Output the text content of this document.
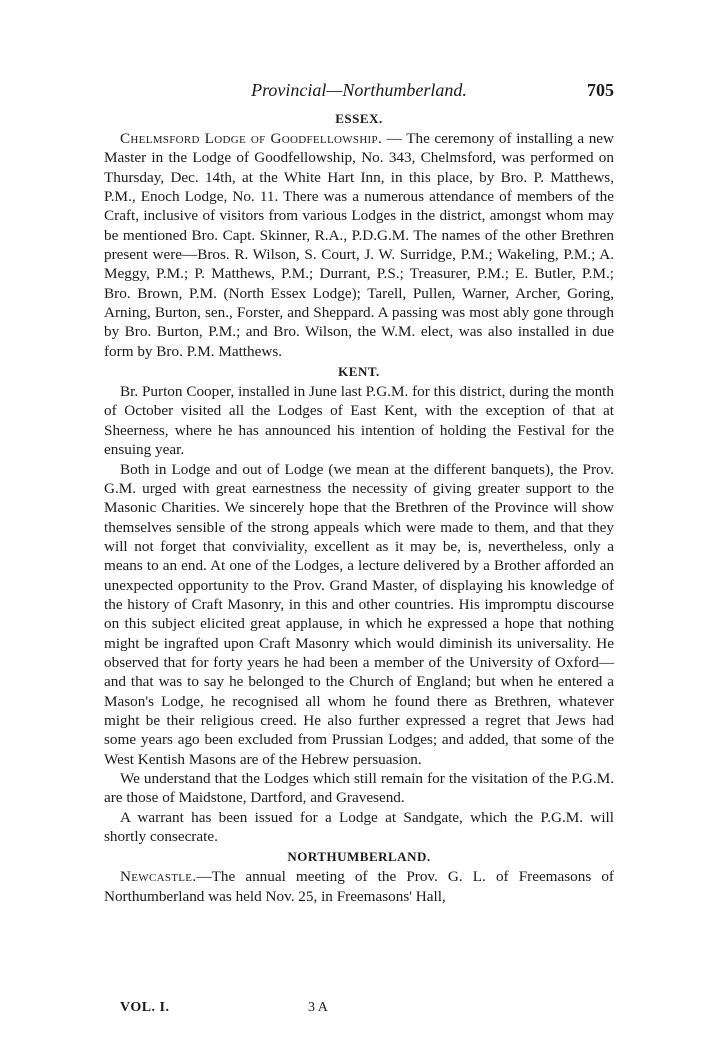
Provincial—Northumberland.	705
ESSEX.

Chelmsford Lodge of Goodfellowship. — The ceremony of installing a new Master in the Lodge of Goodfellowship, No. 343, Chelmsford, was performed on Thursday, Dec. 14th, at the White Hart Inn, in this place, by Bro. P. Matthews, P.M., Enoch Lodge, No. 11. There was a numerous attendance of members of the Craft, inclusive of visitors from various Lodges in the district, amongst whom may be mentioned Bro. Capt. Skinner, R.A., P.D.G.M. The names of the other Brethren present were—Bros. R. Wilson, S. Court, J. W. Surridge, P.M.; Wakeling, P.M.; A. Meggy, P.M.; P. Matthews, P.M.; Durrant, P.S.; Treasurer, P.M.; E. Butler, P.M.; Bro. Brown, P.M. (North Essex Lodge); Tarell, Pullen, Warner, Archer, Goring, Arning, Burton, sen., Forster, and Sheppard. A passing was most ably gone through by Bro. Burton, P.M.; and Bro. Wilson, the W.M. elect, was also installed in due form by Bro. P.M. Matthews.

KENT.

Br. Purton Cooper, installed in June last P.G.M. for this district, during the month of October visited all the Lodges of East Kent, with the exception of that at Sheerness, where he has announced his intention of holding the Festival for the ensuing year.

Both in Lodge and out of Lodge (we mean at the different banquets), the Prov. G.M. urged with great earnestness the necessity of giving greater support to the Masonic Charities. We sincerely hope that the Brethren of the Province will show themselves sensible of the strong appeals which were made to them, and that they will not forget that conviviality, excellent as it may be, is, nevertheless, only a means to an end. At one of the Lodges, a lecture delivered by a Brother afforded an unexpected opportunity to the Prov. Grand Master, of displaying his knowledge of the history of Craft Masonry, in this and other countries. His impromptu discourse on this subject elicited great applause, in which he expressed a hope that nothing might be ingrafted upon Craft Masonry which would diminish its universality. He observed that for forty years he had been a member of the University of Oxford—and that was to say he belonged to the Church of England; but when he entered a Mason's Lodge, he recognised all whom he found there as Brethren, whatever might be their religious creed. He also further expressed a regret that Jews had some years ago been excluded from Prussian Lodges; and added, that some of the West Kentish Masons are of the Hebrew persuasion.

We understand that the Lodges which still remain for the visitation of the P.G.M. are those of Maidstone, Dartford, and Gravesend.

A warrant has been issued for a Lodge at Sandgate, which the P.G.M. will shortly consecrate.

NORTHUMBERLAND.

Newcastle.—The annual meeting of the Prov. G. L. of Freemasons of Northumberland was held Nov. 25, in Freemasons' Hall,

VOL. I.	3 A
